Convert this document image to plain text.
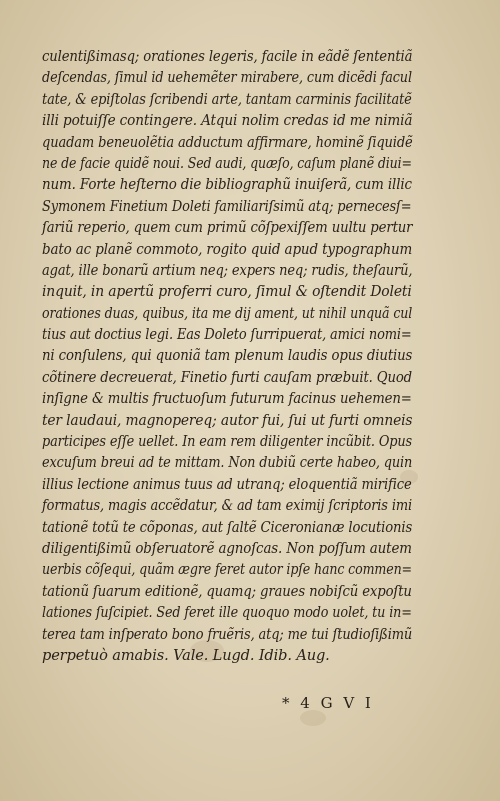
culentißimasq; orationes legeris, facile in eãdẽ ſententiã
deſcendas, ſimul id uehemẽter mirabere, cum dicẽdi facul
tate, & epiſtolas ſcribendi arte, tantam carminis facilitatẽ
illi potuiſſe contingere. Atqui nolim credas id me nimiã
quadam beneuolẽtia adductum affirmare, hominẽ ſiquidẽ
ne de facie quidẽ noui. Sed audi, quæſo, caſum planẽ diui=
num. Forte heſterno die bibliographũ inuiſerã, cum illic
Symonem Finetium Doleti familiariſsimũ atq; pernecesſ=
ſariũ reperio, quem cum primũ cõſpexiſſem uultu pertur
bato ac planẽ commoto, rogito quid apud typographum
agat, ille bonarũ artium neq; expers neq; rudis, theſaurũ,
inquit, in apertũ proferri curo, ſimul & oſtendit Doleti
orationes duas, quibus, ita me dij ament, ut nihil unquã cul
tius aut doctius legi. Eas Doleto ſurripuerat, amici nomi=
ni conſulens, qui quoniã tam plenum laudis opus diutius
cõtinere decreuerat, Finetio furti cauſam præbuit. Quod
inſigne & multis fructuoſum futurum facinus uehemen=
ter laudaui, magnopereq; autor fui, ſui ut furti omneis
participes eſſe uellet. In eam rem diligenter incũbit. Opus
excuſum breui ad te mittam. Non dubiũ certe habeo, quin
illius lectione animus tuus ad utranq; eloquentiã mirifice
formatus, magis accẽdatur, & ad tam eximij ſcriptoris imi
tationẽ totũ te cõponas, aut ſaltẽ Ciceronianæ locutionis
diligentißimũ obſeruatorẽ agnoſcas. Non poſſum autem
uerbis cõſequi, quãm ægre feret autor ipſe hanc commen=
tationũ ſuarum editionẽ, quamq; graues nobiſcũ expoſtu
lationes ſuſcipiet. Sed feret ille quoquo modo uolet, tu in=
terea tam inſperato bono fruẽris, atq; me tui ſtudioſißimũ
perpetuò amabis. Vale. Lugd. Idib. Aug.
* 4 G V I
